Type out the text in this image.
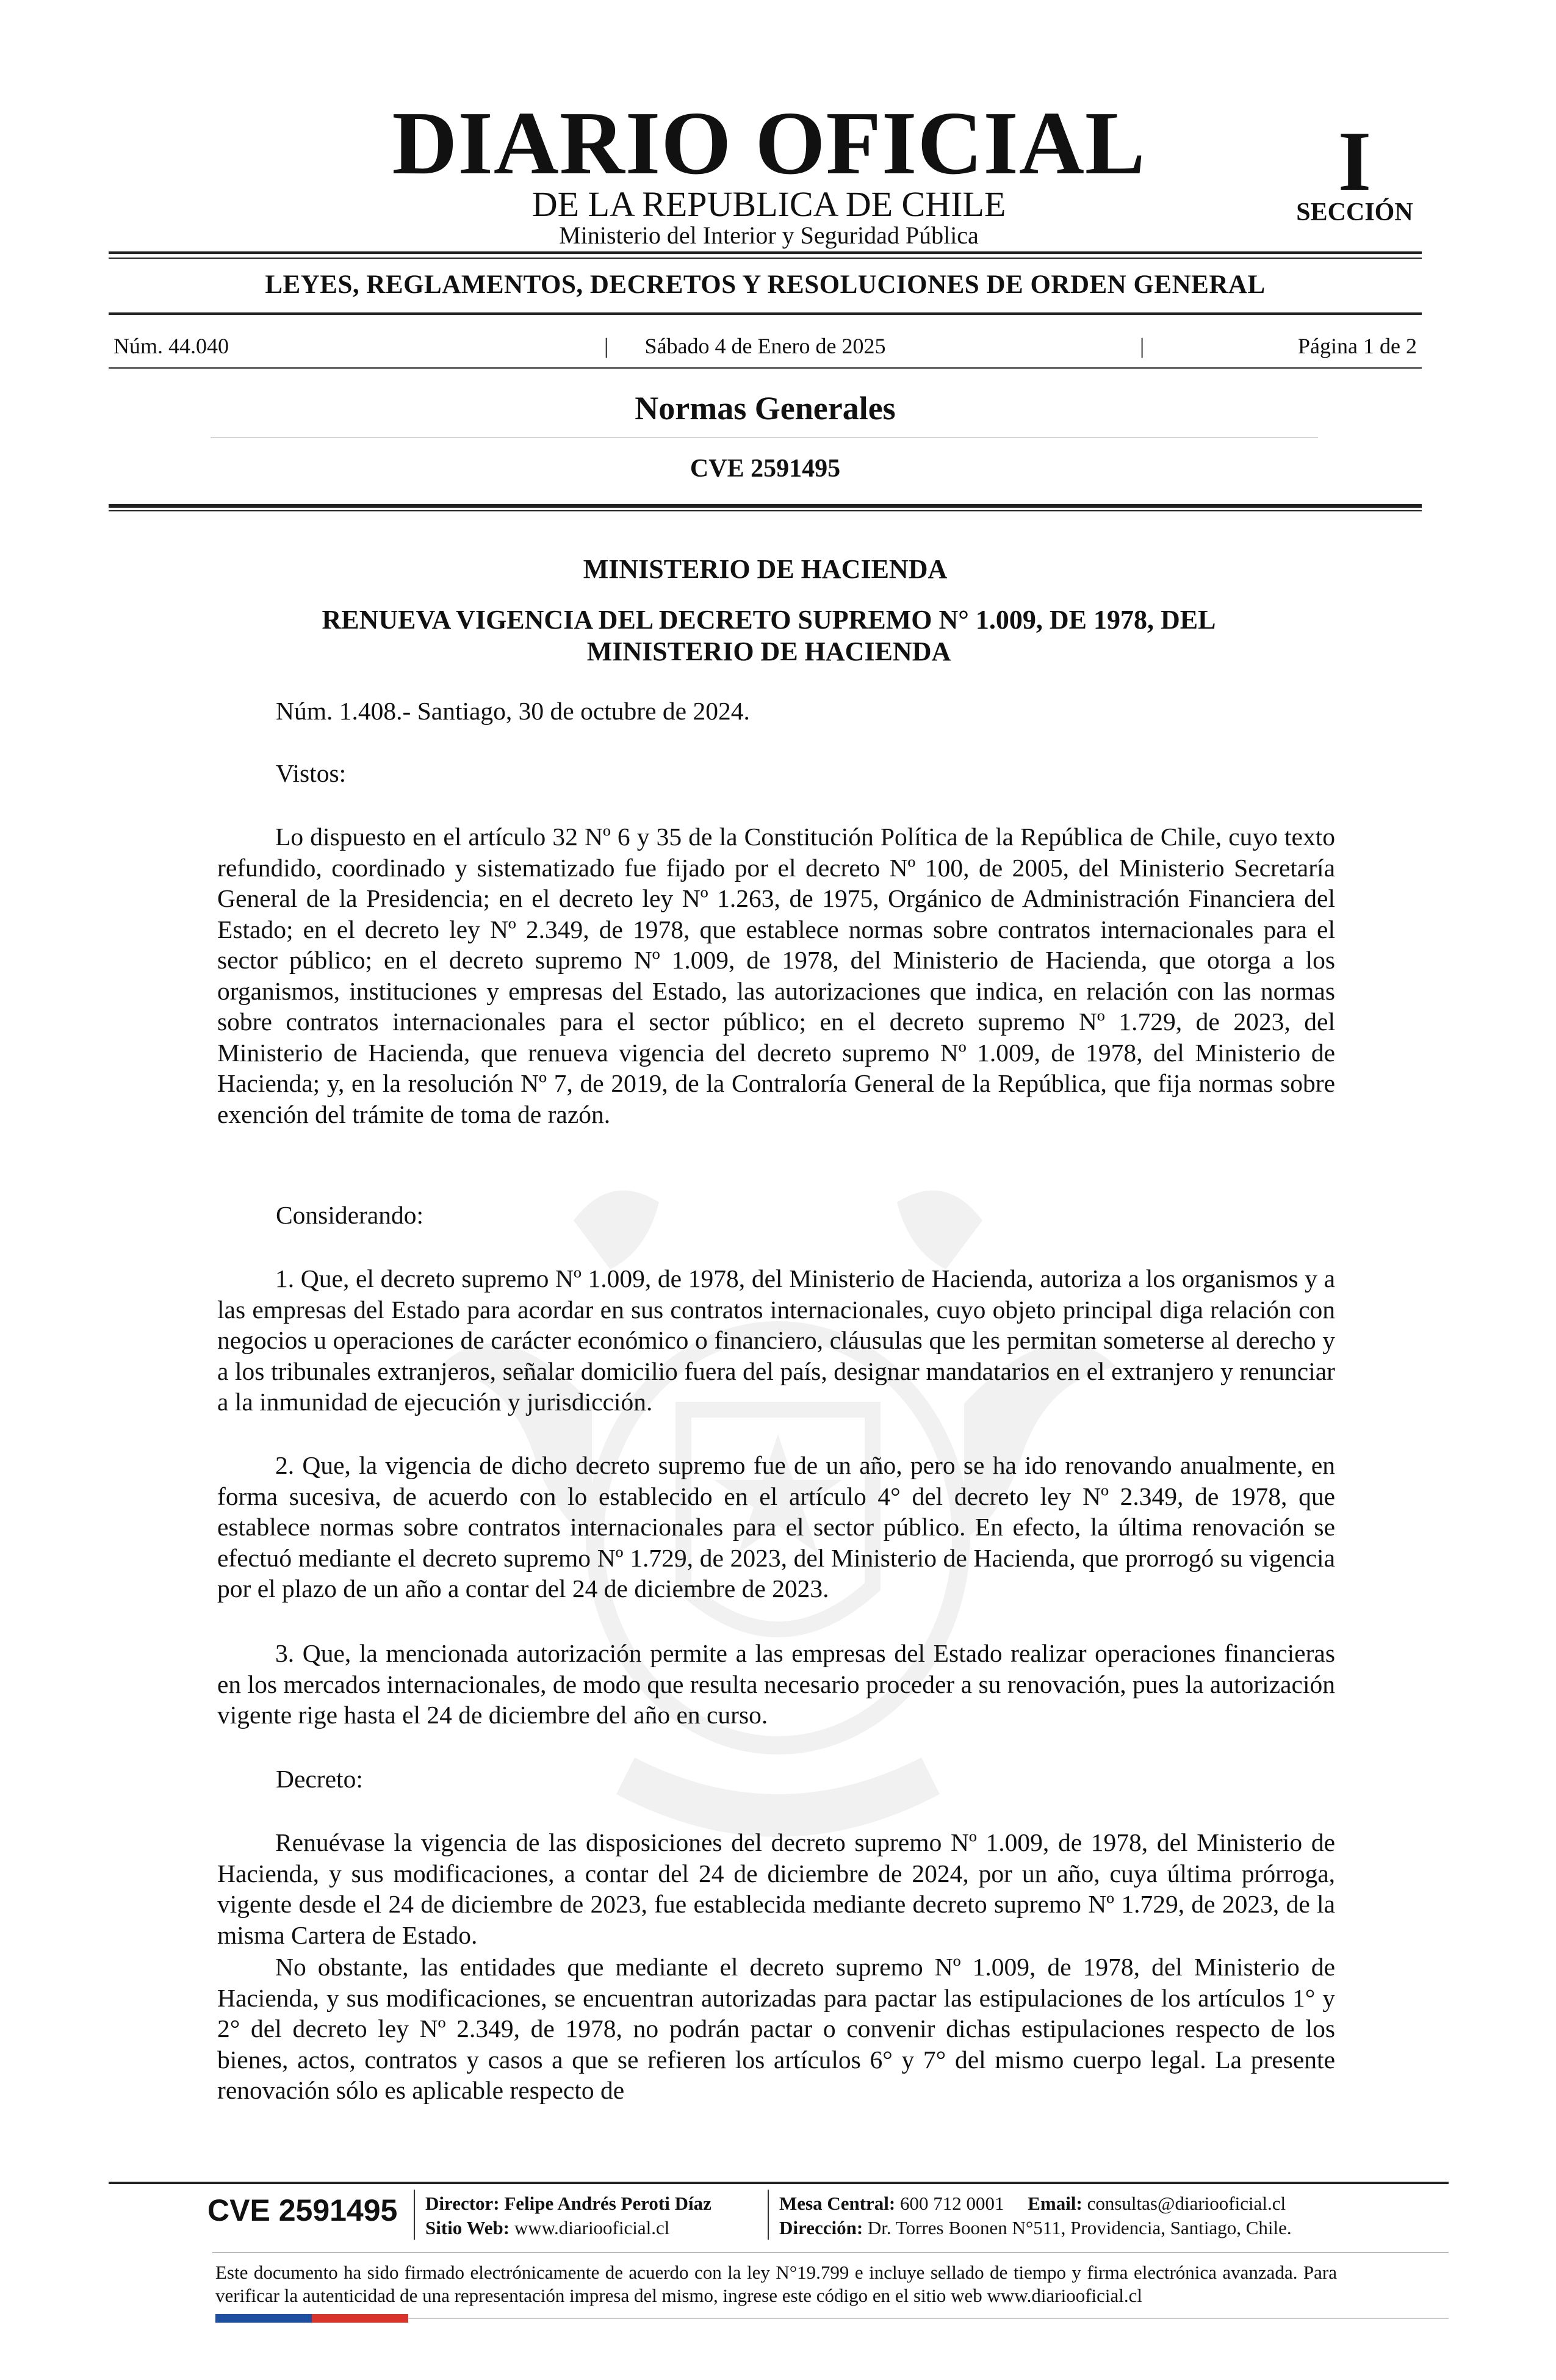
DIARIO OFICIAL
DE LA REPUBLICA DE CHILE
Ministerio del Interior y Seguridad Pública
I
SECCIÓN
LEYES, REGLAMENTOS, DECRETOS Y RESOLUCIONES DE ORDEN GENERAL
Núm. 44.040	|	Sábado 4 de Enero de 2025	|	Página 1 de 2
Normas Generales
CVE 2591495
MINISTERIO DE HACIENDA
RENUEVA VIGENCIA DEL DECRETO SUPREMO N° 1.009, DE 1978, DEL MINISTERIO DE HACIENDA
Núm. 1.408.- Santiago, 30 de octubre de 2024.
Vistos:
Lo dispuesto en el artículo 32 Nº 6 y 35 de la Constitución Política de la República de Chile, cuyo texto refundido, coordinado y sistematizado fue fijado por el decreto Nº 100, de 2005, del Ministerio Secretaría General de la Presidencia; en el decreto ley Nº 1.263, de 1975, Orgánico de Administración Financiera del Estado; en el decreto ley Nº 2.349, de 1978, que establece normas sobre contratos internacionales para el sector público; en el decreto supremo Nº 1.009, de 1978, del Ministerio de Hacienda, que otorga a los organismos, instituciones y empresas del Estado, las autorizaciones que indica, en relación con las normas sobre contratos internacionales para el sector público; en el decreto supremo Nº 1.729, de 2023, del Ministerio de Hacienda, que renueva vigencia del decreto supremo Nº 1.009, de 1978, del Ministerio de Hacienda; y, en la resolución Nº 7, de 2019, de la Contraloría General de la República, que fija normas sobre exención del trámite de toma de razón.
Considerando:
1. Que, el decreto supremo Nº 1.009, de 1978, del Ministerio de Hacienda, autoriza a los organismos y a las empresas del Estado para acordar en sus contratos internacionales, cuyo objeto principal diga relación con negocios u operaciones de carácter económico o financiero, cláusulas que les permitan someterse al derecho y a los tribunales extranjeros, señalar domicilio fuera del país, designar mandatarios en el extranjero y renunciar a la inmunidad de ejecución y jurisdicción.
2. Que, la vigencia de dicho decreto supremo fue de un año, pero se ha ido renovando anualmente, en forma sucesiva, de acuerdo con lo establecido en el artículo 4° del decreto ley Nº 2.349, de 1978, que establece normas sobre contratos internacionales para el sector público. En efecto, la última renovación se efectuó mediante el decreto supremo Nº 1.729, de 2023, del Ministerio de Hacienda, que prorrogó su vigencia por el plazo de un año a contar del 24 de diciembre de 2023.
3. Que, la mencionada autorización permite a las empresas del Estado realizar operaciones financieras en los mercados internacionales, de modo que resulta necesario proceder a su renovación, pues la autorización vigente rige hasta el 24 de diciembre del año en curso.
Decreto:
Renuévase la vigencia de las disposiciones del decreto supremo Nº 1.009, de 1978, del Ministerio de Hacienda, y sus modificaciones, a contar del 24 de diciembre de 2024, por un año, cuya última prórroga, vigente desde el 24 de diciembre de 2023, fue establecida mediante decreto supremo Nº 1.729, de 2023, de la misma Cartera de Estado.
No obstante, las entidades que mediante el decreto supremo Nº 1.009, de 1978, del Ministerio de Hacienda, y sus modificaciones, se encuentran autorizadas para pactar las estipulaciones de los artículos 1° y 2° del decreto ley Nº 2.349, de 1978, no podrán pactar o convenir dichas estipulaciones respecto de los bienes, actos, contratos y casos a que se refieren los artículos 6° y 7° del mismo cuerpo legal. La presente renovación sólo es aplicable respecto de
CVE 2591495 Director: Felipe Andrés Peroti Díaz
Sitio Web: www.diariooficial.cl
Mesa Central: 600 712 0001 Email: consultas@diariooficial.cl
Dirección: Dr. Torres Boonen N°511, Providencia, Santiago, Chile.
Este documento ha sido firmado electrónicamente de acuerdo con la ley N°19.799 e incluye sellado de tiempo y firma electrónica avanzada. Para verificar la autenticidad de una representación impresa del mismo, ingrese este código en el sitio web www.diariooficial.cl
